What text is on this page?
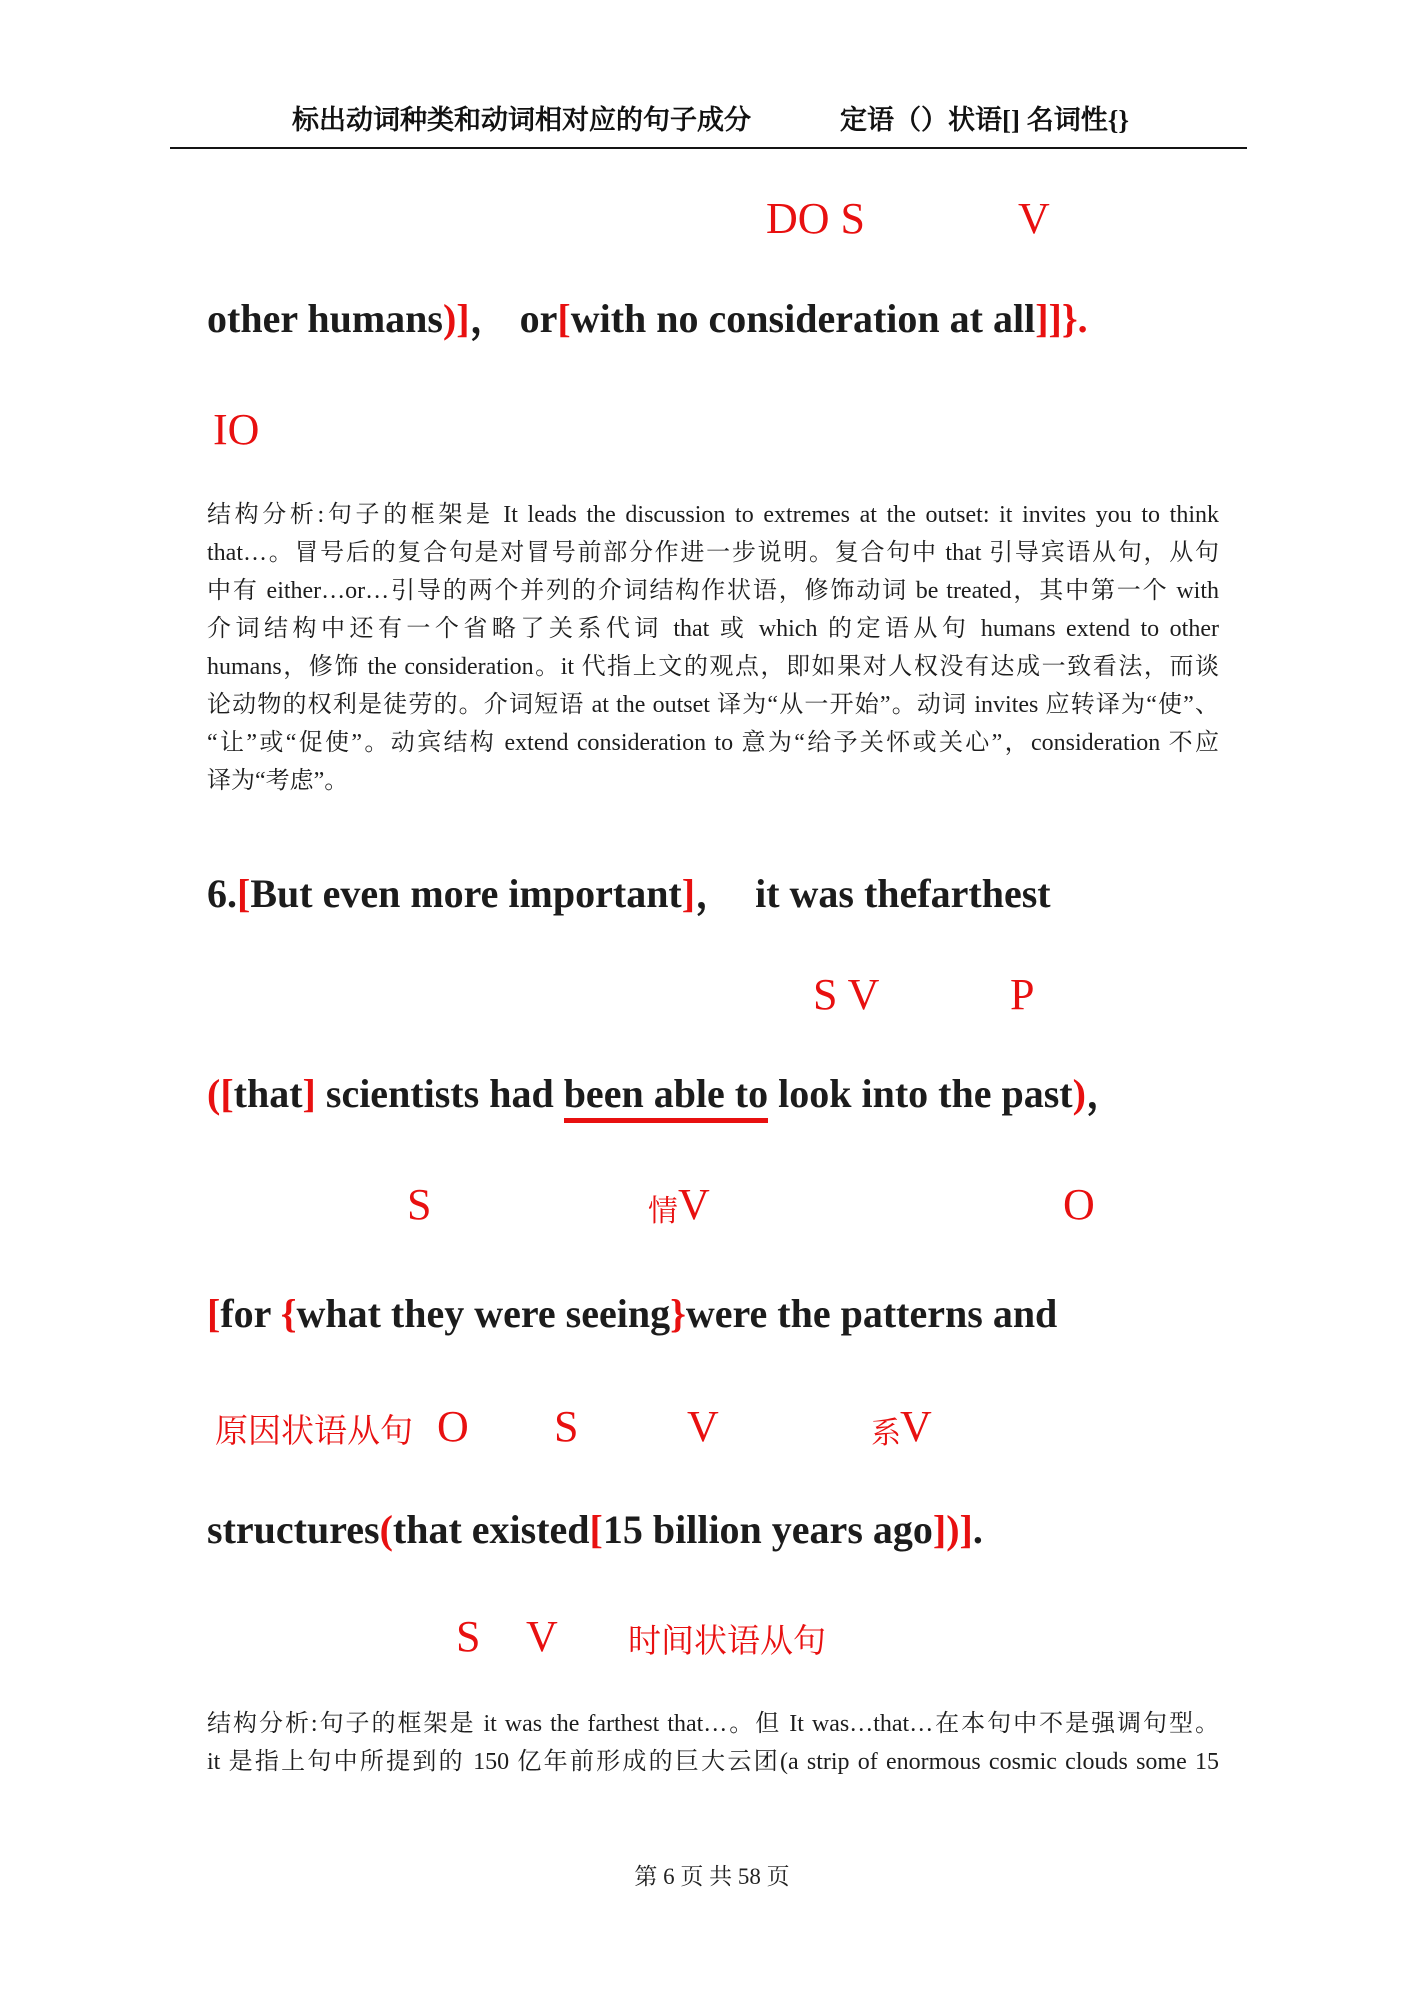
标出动词种类和动词相对应的句子成分	定语（）状语[] 名词性{}
DO S	V
other humans)]， or[with no consideration at all]]}.
IO
结构分析:句子的框架是 It leads the discussion to extremes at the outset: it invites you to think
that…。冒号后的复合句是对冒号前部分作进一步说明。复合句中 that 引导宾语从句，从句
中有 either…or…引导的两个并列的介词结构作状语，修饰动词 be treated，其中第一个 with
介词结构中还有一个省略了关系代词 that 或 which 的定语从句 humans extend to other
humans，修饰 the consideration。it 代指上文的观点，即如果对人权没有达成一致看法，而谈
论动物的权利是徒劳的。介词短语 at the outset 译为“从一开始”。动词 invites 应转译为“使”、
“让”或“促使”。动宾结构 extend consideration to 意为“给予关怀或关心”，consideration 不应
译为“考虑”。
6.[But even more important]，  it was thefarthest
S V	P
([that] scientists had been able to look into the past)，
S	情 V	O
[for {what they were seeing}were the patterns and
原因状语从句 O S V	系 V
structures(that existed[15 billion years ago])].
S V 时间状语从句
结构分析:句子的框架是 it was the farthest that…。但 It was…that…在本句中不是强调句型。
it 是指上句中所提到的 150 亿年前形成的巨大云团(a strip of enormous cosmic clouds some 15
第 6 页 共 58 页
